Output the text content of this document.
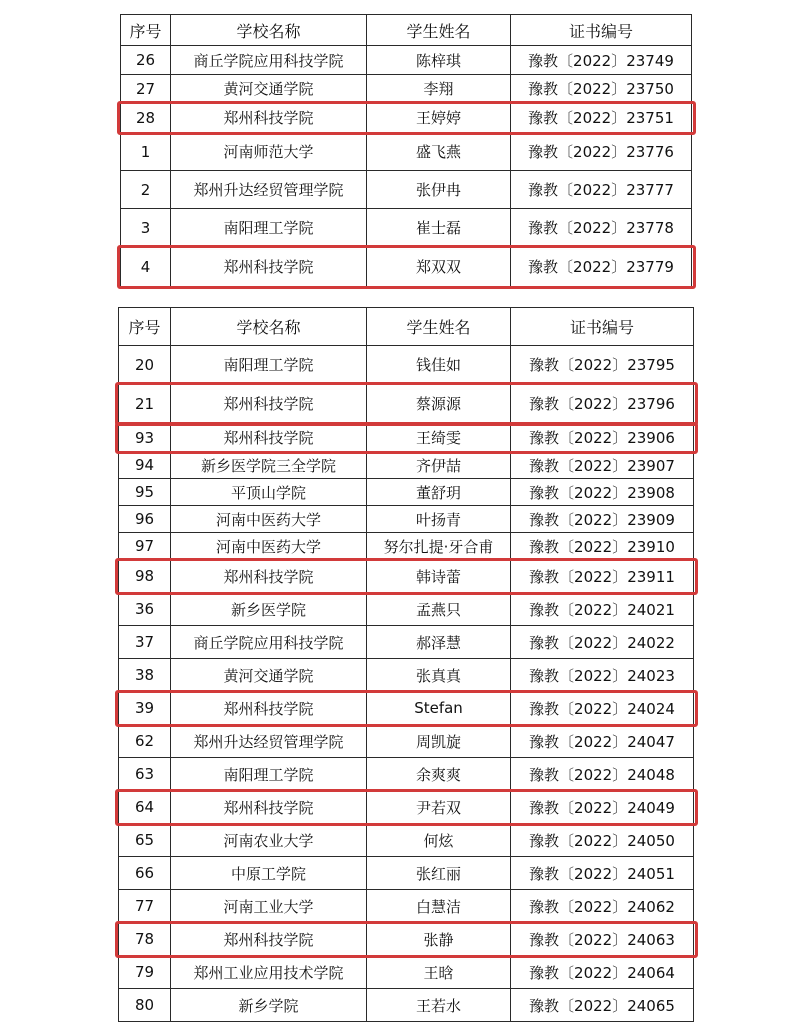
序号	学校名称	学生姓名	证书编号
26	商丘学院应用科技学院	陈梓琪	豫教〔2022〕23749
27	黄河交通学院	李翔	豫教〔2022〕23750
28	郑州科技学院	王婷婷	豫教〔2022〕23751
1	河南师范大学	盛飞燕	豫教〔2022〕23776
2	郑州升达经贸管理学院	张伊冉	豫教〔2022〕23777
3	南阳理工学院	崔士磊	豫教〔2022〕23778
4	郑州科技学院	郑双双	豫教〔2022〕23779
序号	学校名称	学生姓名	证书编号
20	南阳理工学院	钱佳如	豫教〔2022〕23795
21	郑州科技学院	蔡源源	豫教〔2022〕23796
93	郑州科技学院	王绮雯	豫教〔2022〕23906
94	新乡医学院三全学院	齐伊喆	豫教〔2022〕23907
95	平顶山学院	董舒玥	豫教〔2022〕23908
96	河南中医药大学	叶扬青	豫教〔2022〕23909
97	河南中医药大学	努尔扎提·牙合甫	豫教〔2022〕23910
98	郑州科技学院	韩诗蕾	豫教〔2022〕23911
36	新乡医学院	孟燕只	豫教〔2022〕24021
37	商丘学院应用科技学院	郝泽慧	豫教〔2022〕24022
38	黄河交通学院	张真真	豫教〔2022〕24023
39	郑州科技学院	Stefan	豫教〔2022〕24024
62	郑州升达经贸管理学院	周凯旋	豫教〔2022〕24047
63	南阳理工学院	余爽爽	豫教〔2022〕24048
64	郑州科技学院	尹若双	豫教〔2022〕24049
65	河南农业大学	何炫	豫教〔2022〕24050
66	中原工学院	张红丽	豫教〔2022〕24051
77	河南工业大学	白慧洁	豫教〔2022〕24062
78	郑州科技学院	张静	豫教〔2022〕24063
79	郑州工业应用技术学院	王晗	豫教〔2022〕24064
80	新乡学院	王若水	豫教〔2022〕24065
